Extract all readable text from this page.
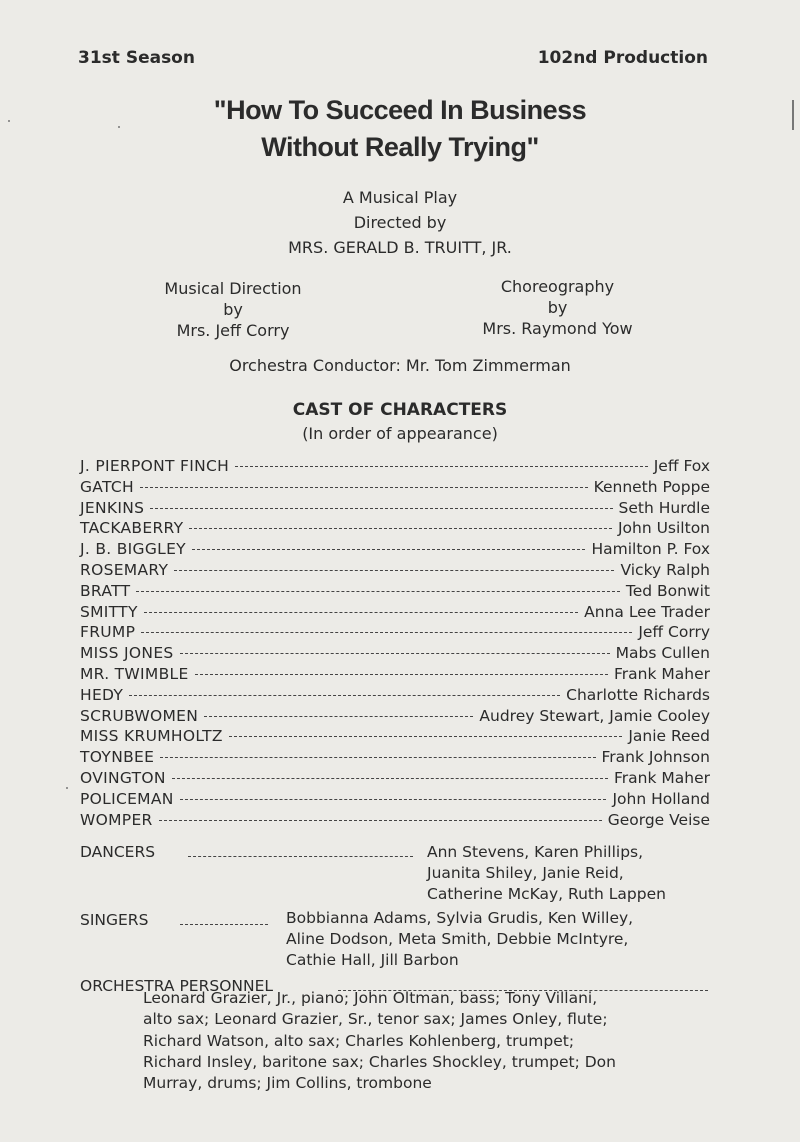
31st Season	102nd Production
"How To Succeed In Business
Without Really Trying"
A Musical Play
Directed by
MRS. GERALD B. TRUITT, JR.
Musical Direction
by
Mrs. Jeff Corry
Choreography
by
Mrs. Raymond Yow
Orchestra Conductor: Mr. Tom Zimmerman
CAST OF CHARACTERS
(In order of appearance)
J. PIERPONT FINCH	Jeff Fox
GATCH	Kenneth Poppe
JENKINS	Seth Hurdle
TACKABERRY	John Usilton
J. B. BIGGLEY	Hamilton P. Fox
ROSEMARY	Vicky Ralph
BRATT	Ted Bonwit
SMITTY	Anna Lee Trader
FRUMP	Jeff Corry
MISS JONES	Mabs Cullen
MR. TWIMBLE	Frank Maher
HEDY	Charlotte Richards
SCRUBWOMEN	Audrey Stewart, Jamie Cooley
MISS KRUMHOLTZ	Janie Reed
TOYNBEE	Frank Johnson
OVINGTON	Frank Maher
POLICEMAN	John Holland
WOMPER	George Veise
DANCERS	Ann Stevens, Karen Phillips,
Juanita Shiley, Janie Reid,
Catherine McKay, Ruth Lappen
SINGERS	Bobbianna Adams, Sylvia Grudis, Ken Willey,
Aline Dodson, Meta Smith, Debbie McIntyre,
Cathie Hall, Jill Barbon
ORCHESTRA PERSONNEL
Leonard Grazier, Jr., piano; John Oltman, bass; Tony Villani,
alto sax; Leonard Grazier, Sr., tenor sax; James Onley, flute;
Richard Watson, alto sax; Charles Kohlenberg, trumpet;
Richard Insley, baritone sax; Charles Shockley, trumpet; Don
Murray, drums; Jim Collins, trombone
